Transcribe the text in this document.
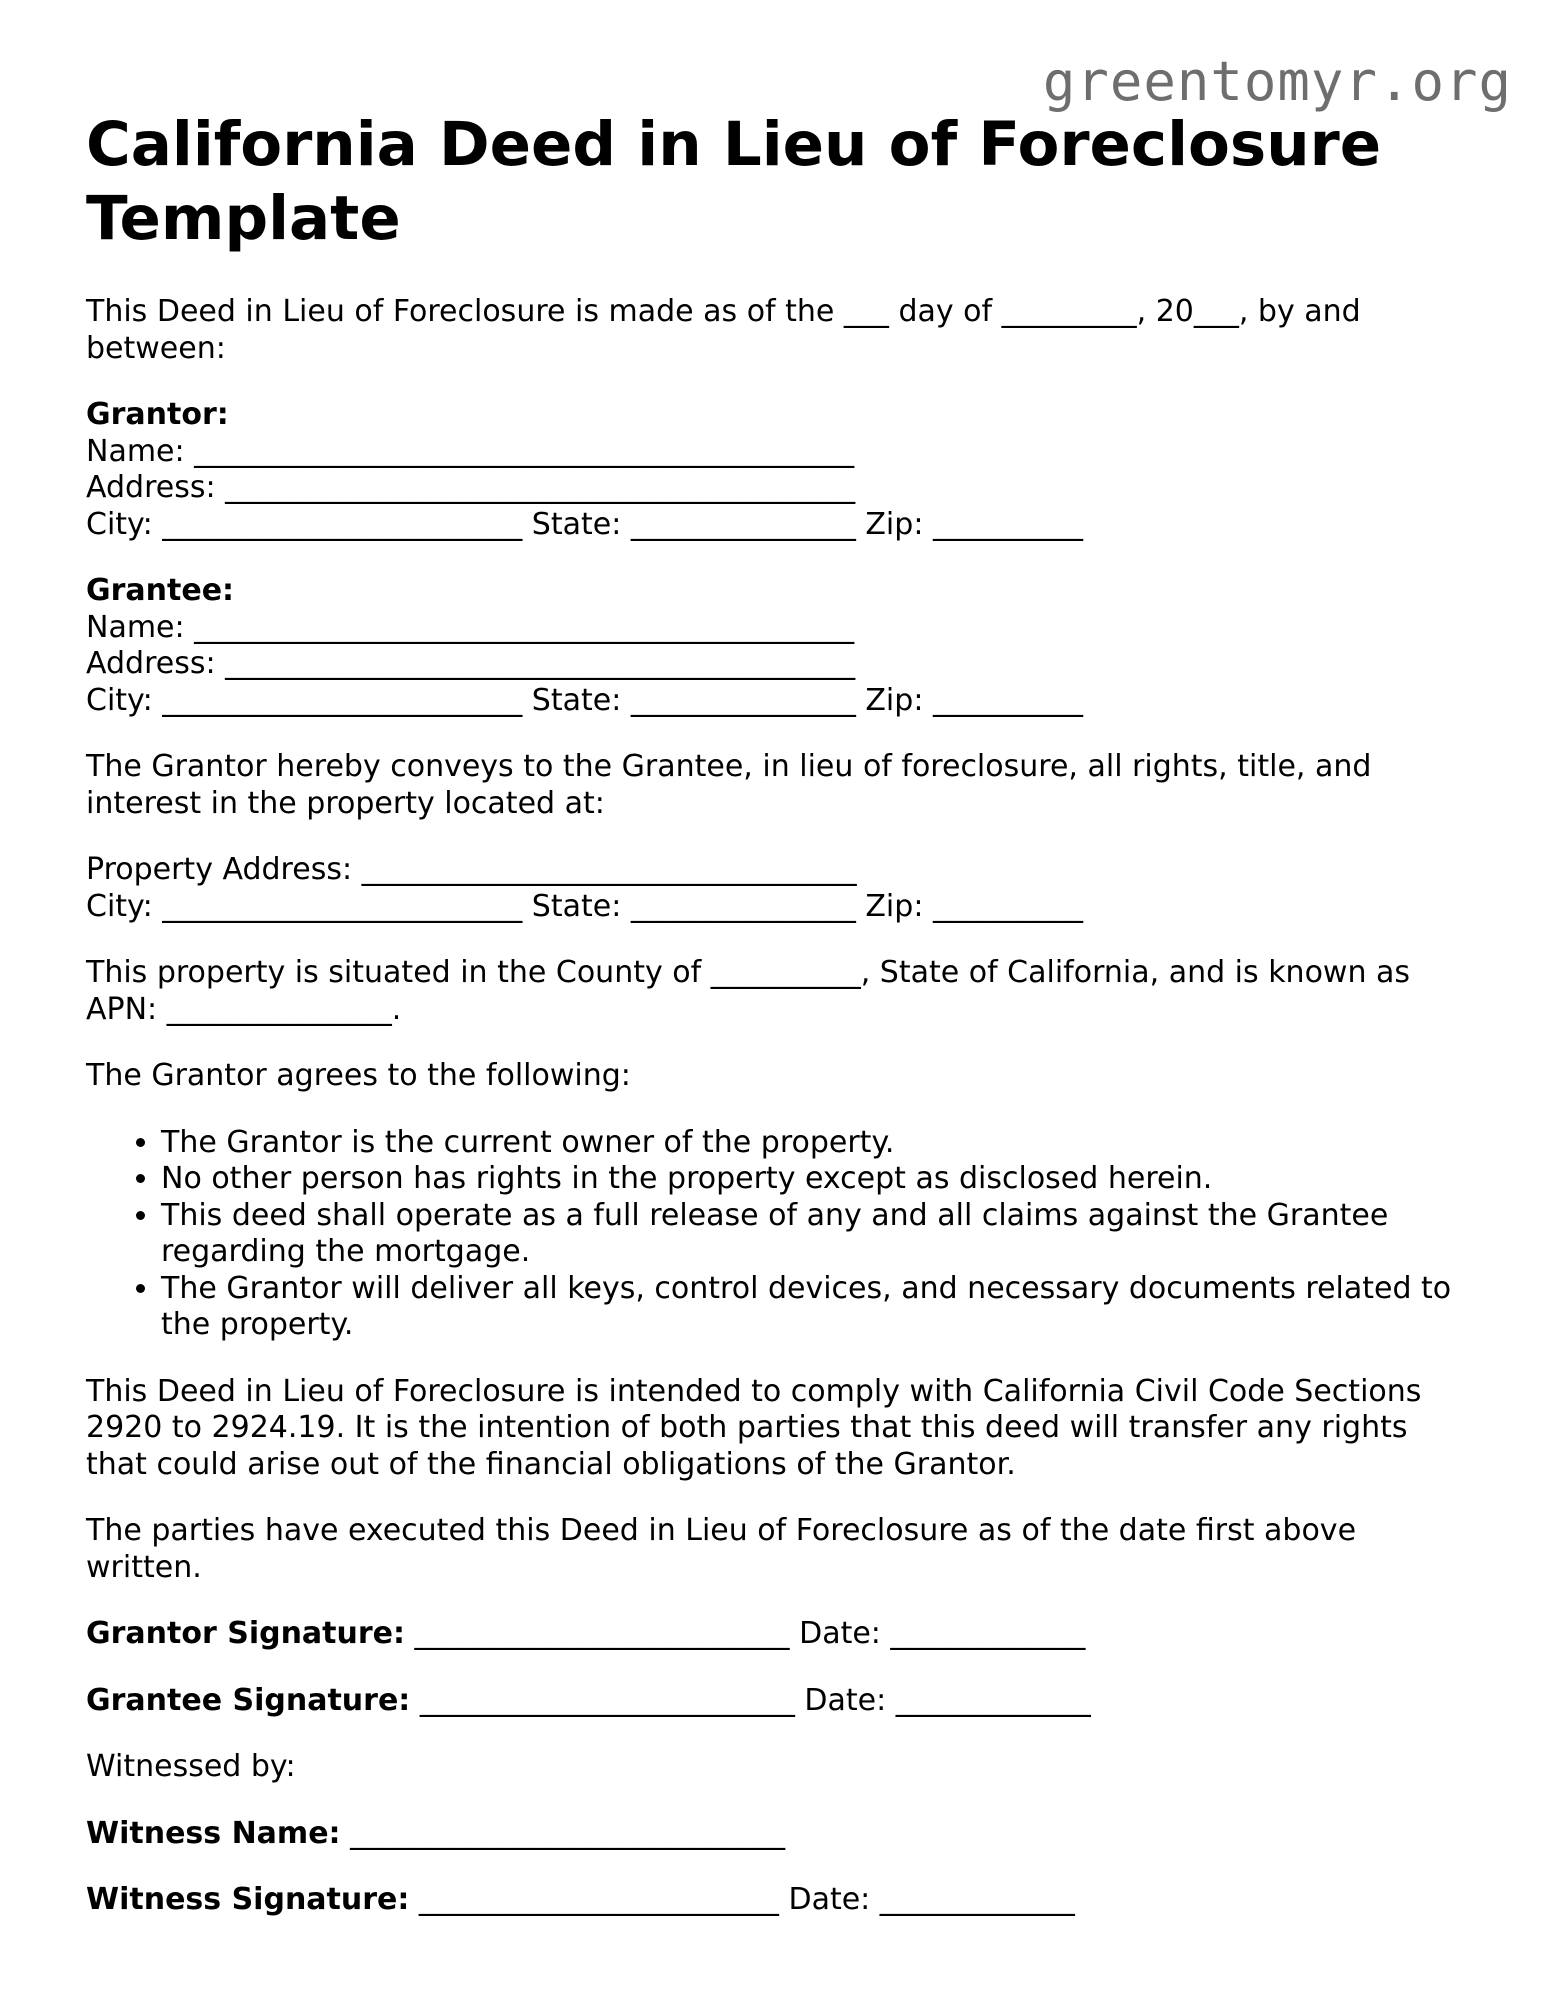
greentomyr.org
California Deed in Lieu of Foreclosure Template

This Deed in Lieu of Foreclosure is made as of the ___ day of _________, 20___, by and between:

Grantor:
Name: ____________________________________________
Address: __________________________________________
City: ________________________ State: _______________ Zip: __________
Grantee:
Name: ____________________________________________
Address: __________________________________________
City: ________________________ State: _______________ Zip: __________

The Grantor hereby conveys to the Grantee, in lieu of foreclosure, all rights, title, and interest in the property located at:

Property Address: _________________________________
City: ________________________ State: _______________ Zip: __________

This property is situated in the County of __________, State of California, and is known as APN: _______________.

The Grantor agrees to the following:

• The Grantor is the current owner of the property.
• No other person has rights in the property except as disclosed herein.
• This deed shall operate as a full release of any and all claims against the Grantee regarding the mortgage.
• The Grantor will deliver all keys, control devices, and necessary documents related to the property.

This Deed in Lieu of Foreclosure is intended to comply with California Civil Code Sections 2920 to 2924.19. It is the intention of both parties that this deed will transfer any rights that could arise out of the financial obligations of the Grantor.

The parties have executed this Deed in Lieu of Foreclosure as of the date first above written.

Grantor Signature: _________________________ Date: _____________

Grantee Signature: _________________________ Date: _____________

Witnessed by:

Witness Name: _____________________________

Witness Signature: ________________________ Date: _____________
